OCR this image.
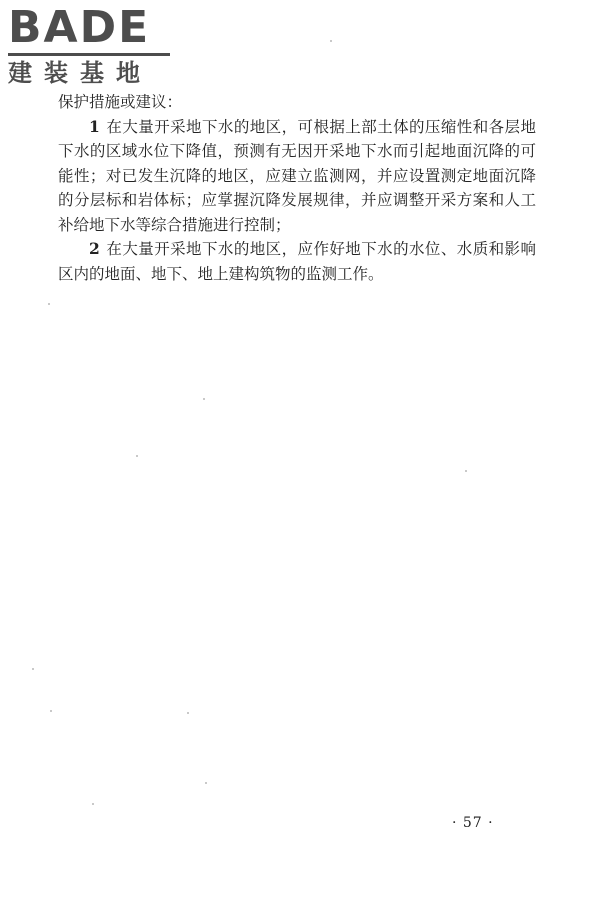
BADE
建装基地

保护措施或建议：

1 在大量开采地下水的地区，可根据上部土体的压缩性和各层地下水的区域水位下降值，预测有无因开采地下水而引起地面沉降的可能性；对已发生沉降的地区，应建立监测网，并应设置测定地面沉降的分层标和岩体标；应掌握沉降发展规律，并应调整开采方案和人工补给地下水等综合措施进行控制；

2 在大量开采地下水的地区，应作好地下水的水位、水质和影响区内的地面、地下、地上建构筑物的监测工作。

· 57 ·
